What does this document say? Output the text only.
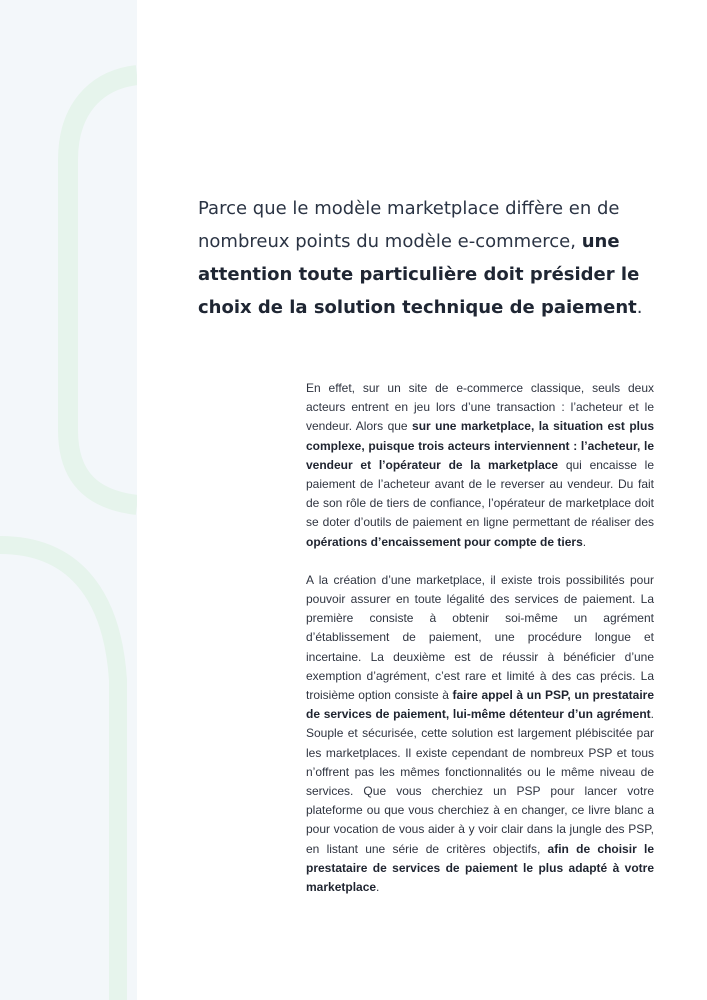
Parce que le modèle marketplace diffère en de nombreux points du modèle e-commerce, une attention toute particulière doit présider le choix de la solution technique de paiement.

En effet, sur un site de e-commerce classique, seuls deux acteurs entrent en jeu lors d’une transaction : l’acheteur et le vendeur. Alors que sur une marketplace, la situation est plus complexe, puisque trois acteurs interviennent : l’acheteur, le vendeur et l’opérateur de la marketplace qui encaisse le paiement de l’acheteur avant de le reverser au vendeur. Du fait de son rôle de tiers de confiance, l’opérateur de marketplace doit se doter d’outils de paiement en ligne permettant de réaliser des opérations d’encaissement pour compte de tiers.

A la création d’une marketplace, il existe trois possibilités pour pouvoir assurer en toute légalité des services de paiement. La première consiste à obtenir soi-même un agrément d’établissement de paiement, une procédure longue et incertaine. La deuxième est de réussir à bénéficier d’une exemption d’agrément, c’est rare et limité à des cas précis. La troisième option consiste à faire appel à un PSP, un prestataire de services de paiement, lui-même détenteur d’un agrément. Souple et sécurisée, cette solution est largement plébiscitée par les marketplaces. Il existe cependant de nombreux PSP et tous n’offrent pas les mêmes fonctionnalités ou le même niveau de services. Que vous cherchiez un PSP pour lancer votre plateforme ou que vous cherchiez à en changer, ce livre blanc a pour vocation de vous aider à y voir clair dans la jungle des PSP, en listant une série de critères objectifs, afin de choisir le prestataire de services de paiement le plus adapté à votre marketplace.
